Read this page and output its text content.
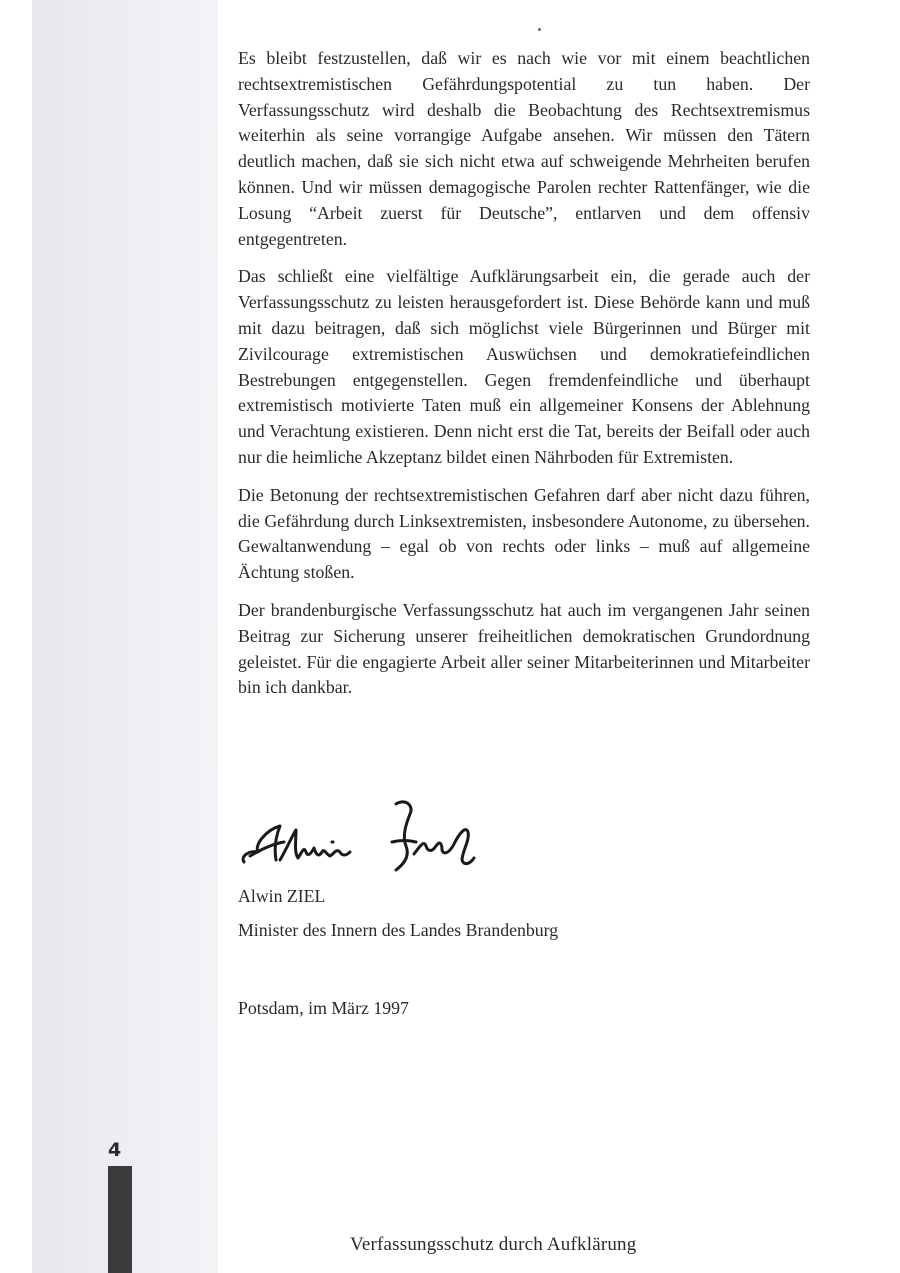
Es bleibt festzustellen, daß wir es nach wie vor mit einem beachtlichen rechtsextremistischen Gefährdungspotential zu tun haben. Der Verfassungsschutz wird deshalb die Beobachtung des Rechtsextremismus weiterhin als seine vorrangige Aufgabe ansehen. Wir müssen den Tätern deutlich machen, daß sie sich nicht etwa auf schweigende Mehrheiten berufen können. Und wir müssen demagogische Parolen rechter Rattenfänger, wie die Losung “Arbeit zuerst für Deutsche”, entlarven und dem offensiv entgegentreten.

Das schließt eine vielfältige Aufklärungsarbeit ein, die gerade auch der Verfassungsschutz zu leisten herausgefordert ist. Diese Behörde kann und muß mit dazu beitragen, daß sich möglichst viele Bürgerinnen und Bürger mit Zivilcourage extremistischen Auswüchsen und demokratiefeindlichen Bestrebungen entgegenstellen. Gegen fremdenfeindliche und überhaupt extremistisch motivierte Taten muß ein allgemeiner Konsens der Ablehnung und Verachtung existieren. Denn nicht erst die Tat, bereits der Beifall oder auch nur die heimliche Akzeptanz bildet einen Nährboden für Extremisten.

Die Betonung der rechtsextremistischen Gefahren darf aber nicht dazu führen, die Gefährdung durch Linksextremisten, insbesondere Autonome, zu übersehen. Gewaltanwendung – egal ob von rechts oder links – muß auf allgemeine Ächtung stoßen.

Der brandenburgische Verfassungsschutz hat auch im vergangenen Jahr seinen Beitrag zur Sicherung unserer freiheitlichen demokratischen Grundordnung geleistet. Für die engagierte Arbeit aller seiner Mitarbeiterinnen und Mitarbeiter bin ich dankbar.

Alwin ZIEL
Minister des Innern des Landes Brandenburg
Potsdam, im März 1997
4
Verfassungsschutz durch Aufklärung
